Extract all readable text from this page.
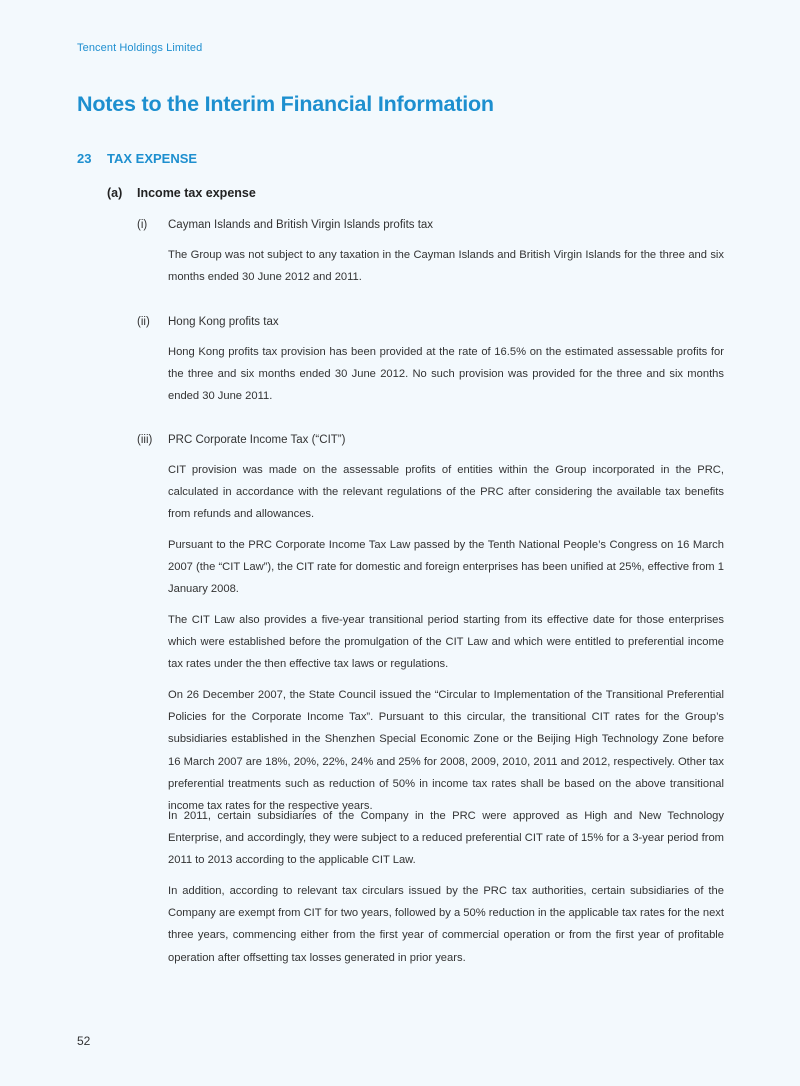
Tencent Holdings Limited
Notes to the Interim Financial Information
23 TAX EXPENSE
(a) Income tax expense
(i) Cayman Islands and British Virgin Islands profits tax

The Group was not subject to any taxation in the Cayman Islands and British Virgin Islands for the three and six months ended 30 June 2012 and 2011.

(ii) Hong Kong profits tax

Hong Kong profits tax provision has been provided at the rate of 16.5% on the estimated assessable profits for the three and six months ended 30 June 2012. No such provision was provided for the three and six months ended 30 June 2011.

(iii) PRC Corporate Income Tax (“CIT”)

CIT provision was made on the assessable profits of entities within the Group incorporated in the PRC, calculated in accordance with the relevant regulations of the PRC after considering the available tax benefits from refunds and allowances.

Pursuant to the PRC Corporate Income Tax Law passed by the Tenth National People’s Congress on 16 March 2007 (the “CIT Law”), the CIT rate for domestic and foreign enterprises has been unified at 25%, effective from 1 January 2008.

The CIT Law also provides a five-year transitional period starting from its effective date for those enterprises which were established before the promulgation of the CIT Law and which were entitled to preferential income tax rates under the then effective tax laws or regulations.

On 26 December 2007, the State Council issued the “Circular to Implementation of the Transitional Preferential Policies for the Corporate Income Tax”. Pursuant to this circular, the transitional CIT rates for the Group’s subsidiaries established in the Shenzhen Special Economic Zone or the Beijing High Technology Zone before 16 March 2007 are 18%, 20%, 22%, 24% and 25% for 2008, 2009, 2010, 2011 and 2012, respectively. Other tax preferential treatments such as reduction of 50% in income tax rates shall be based on the above transitional income tax rates for the respective years.

In 2011, certain subsidiaries of the Company in the PRC were approved as High and New Technology Enterprise, and accordingly, they were subject to a reduced preferential CIT rate of 15% for a 3-year period from 2011 to 2013 according to the applicable CIT Law.

In addition, according to relevant tax circulars issued by the PRC tax authorities, certain subsidiaries of the Company are exempt from CIT for two years, followed by a 50% reduction in the applicable tax rates for the next three years, commencing either from the first year of commercial operation or from the first year of profitable operation after offsetting tax losses generated in prior years.

52
